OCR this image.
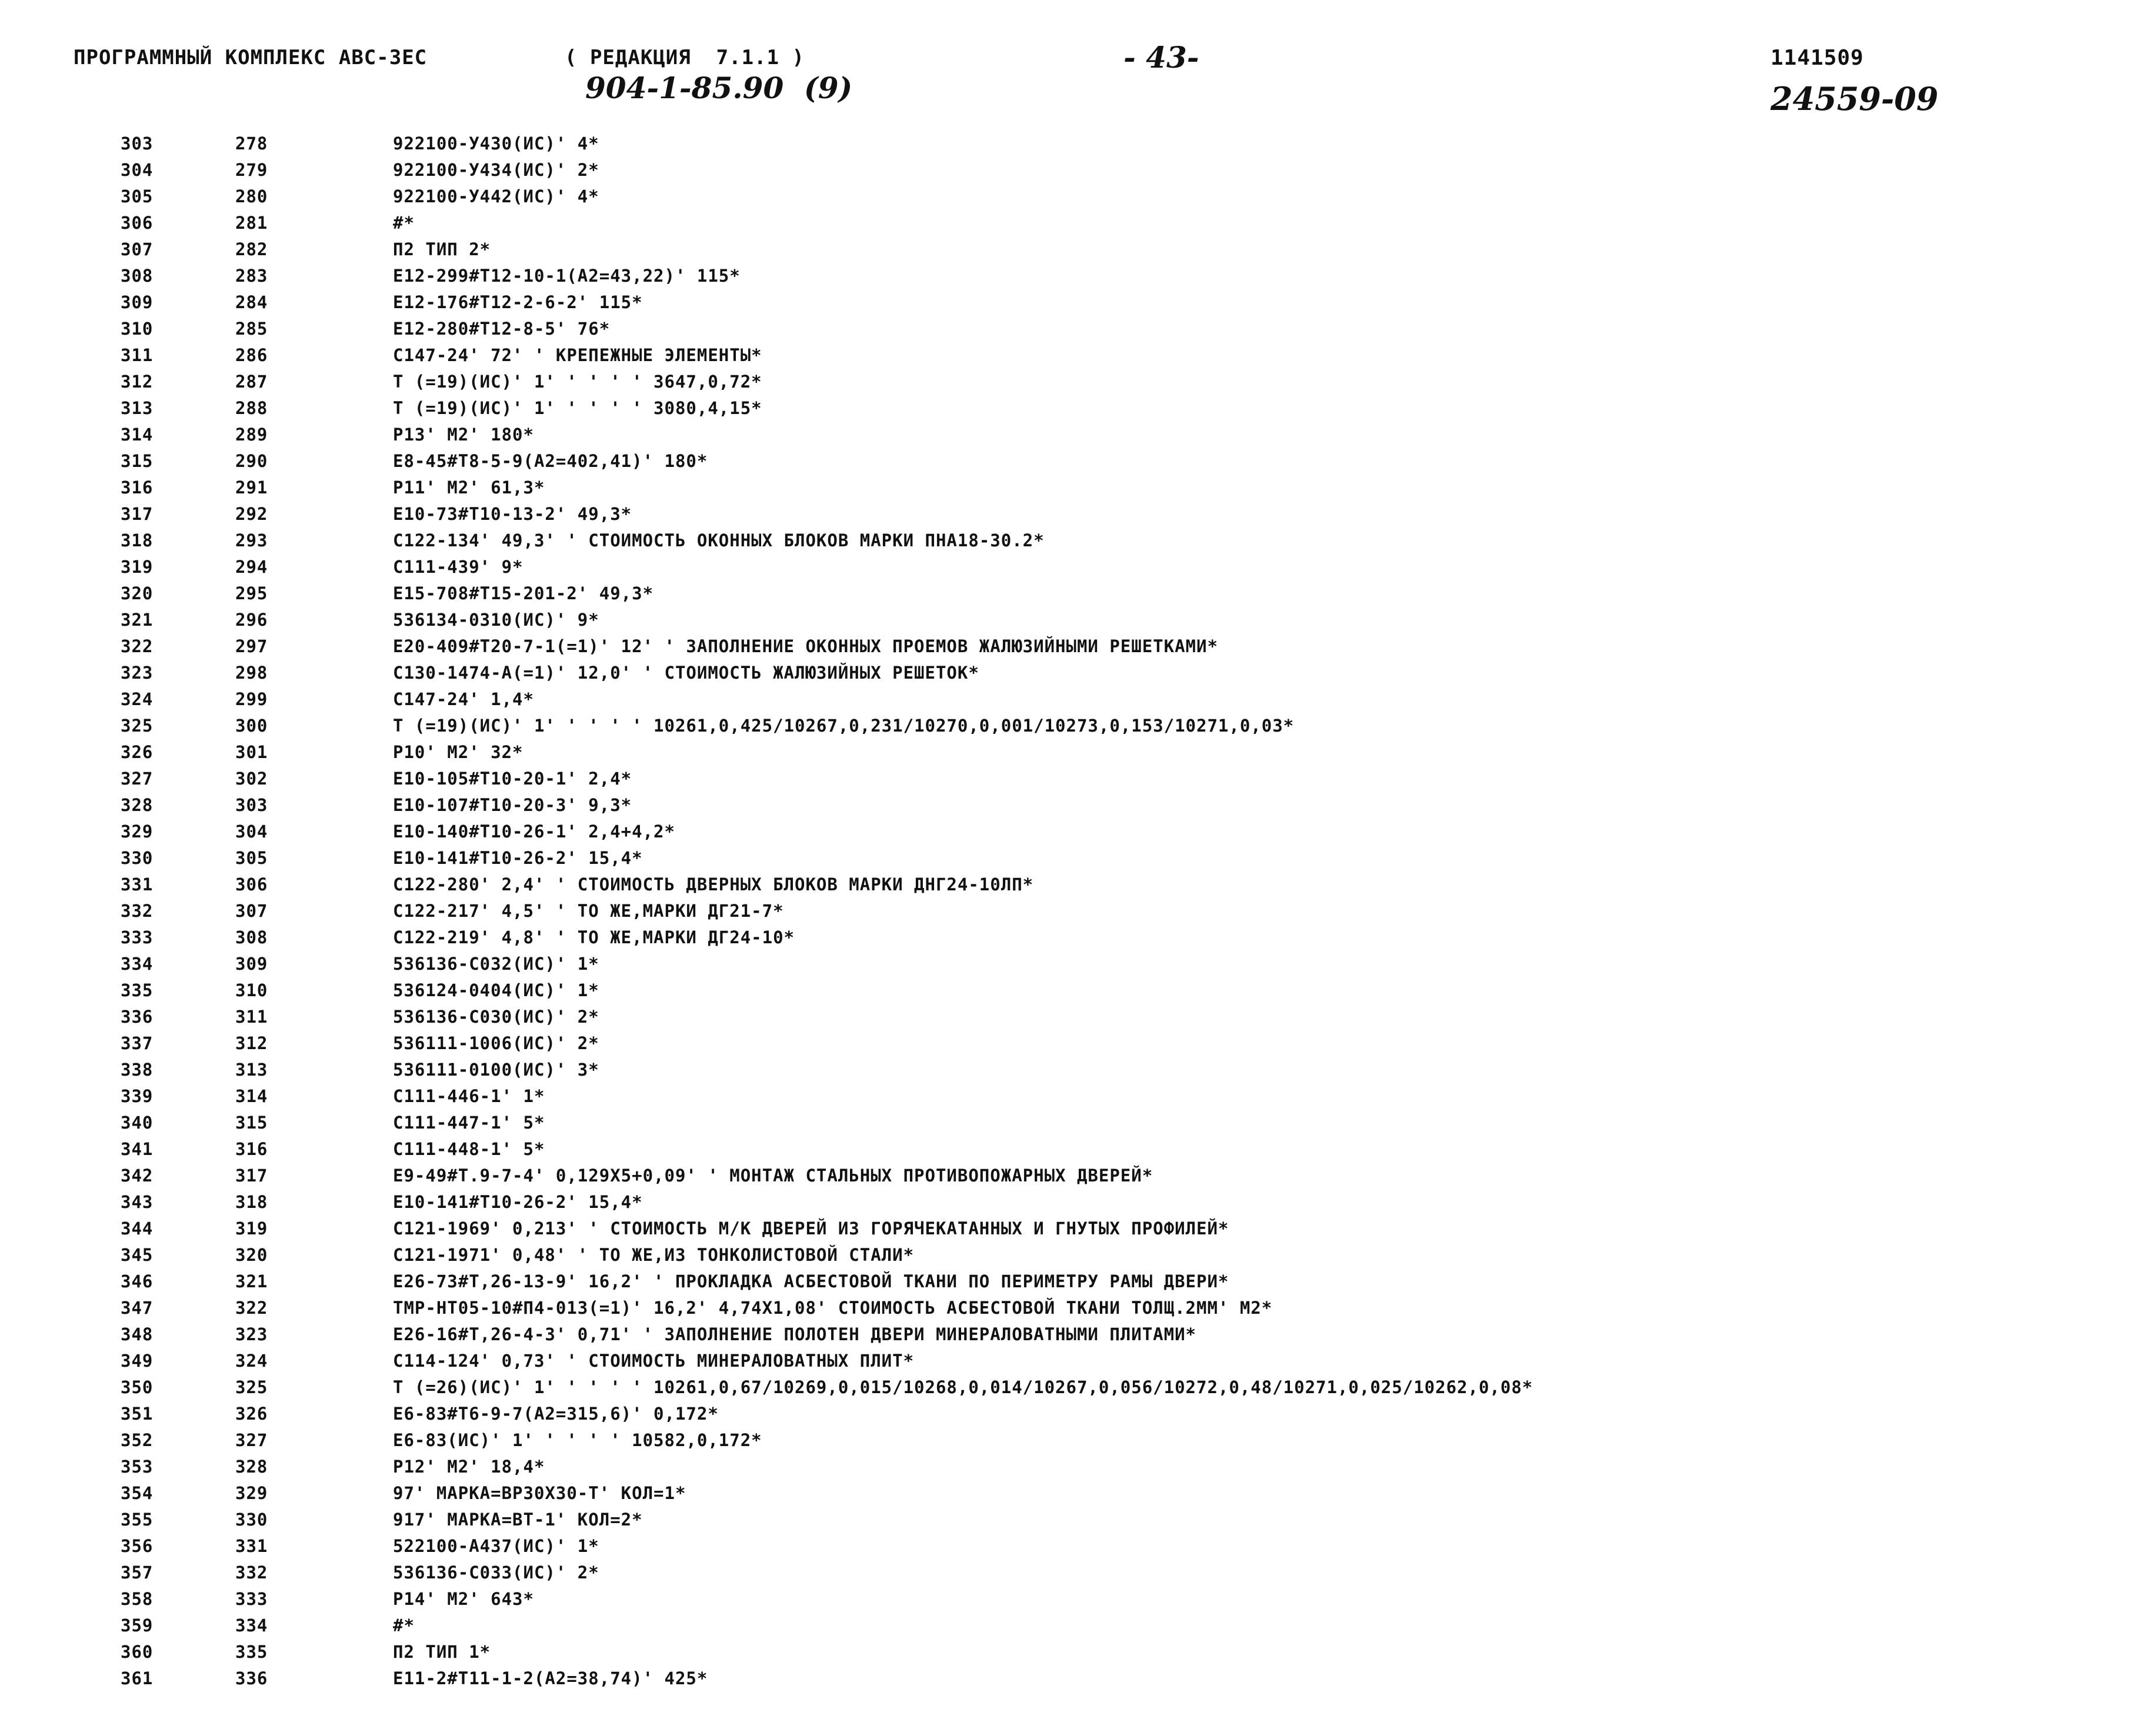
ПРОГРАММНЫЙ КОМПЛЕКС АВС-3ЕС	( РЕДАКЦИЯ  7.1.1 )
904-1-85.90  (9)
- 43-	1141509
24559-09
303	278	922100-У430(ИС)' 4*
304	279	922100-У434(ИС)' 2*
305	280	922100-У442(ИС)' 4*
306	281	#*
307	282	П2 ТИП 2*
308	283	Е12-299#Т12-10-1(А2=43,22)' 115*
309	284	Е12-176#Т12-2-6-2' 115*
310	285	Е12-280#Т12-8-5' 76*
311	286	С147-24' 72' ' КРЕПЕЖНЫЕ ЭЛЕМЕНТЫ*
312	287	Т (=19)(ИС)' 1' ' ' ' ' 3647,0,72*
313	288	Т (=19)(ИС)' 1' ' ' ' ' 3080,4,15*
314	289	Р13' М2' 180*
315	290	Е8-45#Т8-5-9(А2=402,41)' 180*
316	291	Р11' М2' 61,3*
317	292	Е10-73#Т10-13-2' 49,3*
318	293	С122-134' 49,3' ' СТОИМОСТЬ ОКОННЫХ БЛОКОВ МАРКИ ПНА18-30.2*
319	294	С111-439' 9*
320	295	Е15-708#Т15-201-2' 49,3*
321	296	536134-0310(ИС)' 9*
322	297	Е20-409#Т20-7-1(=1)' 12' ' ЗАПОЛНЕНИЕ ОКОННЫХ ПРОЕМОВ ЖАЛЮЗИЙНЫМИ РЕШЕТКАМИ*
323	298	С130-1474-А(=1)' 12,0' ' СТОИМОСТЬ ЖАЛЮЗИЙНЫХ РЕШЕТОК*
324	299	С147-24' 1,4*
325	300	Т (=19)(ИС)' 1' ' ' ' ' 10261,0,425/10267,0,231/10270,0,001/10273,0,153/10271,0,03*
326	301	Р10' М2' 32*
327	302	Е10-105#Т10-20-1' 2,4*
328	303	Е10-107#Т10-20-3' 9,3*
329	304	Е10-140#Т10-26-1' 2,4+4,2*
330	305	Е10-141#Т10-26-2' 15,4*
331	306	С122-280' 2,4' ' СТОИМОСТЬ ДВЕРНЫХ БЛОКОВ МАРКИ ДНГ24-10ЛП*
332	307	С122-217' 4,5' ' ТО ЖЕ,МАРКИ ДГ21-7*
333	308	С122-219' 4,8' ' ТО ЖЕ,МАРКИ ДГ24-10*
334	309	536136-С032(ИС)' 1*
335	310	536124-0404(ИС)' 1*
336	311	536136-С030(ИС)' 2*
337	312	536111-1006(ИС)' 2*
338	313	536111-0100(ИС)' 3*
339	314	С111-446-1' 1*
340	315	С111-447-1' 5*
341	316	С111-448-1' 5*
342	317	Е9-49#Т.9-7-4' 0,129Х5+0,09' ' МОНТАЖ СТАЛЬНЫХ ПРОТИВОПОЖАРНЫХ ДВЕРЕЙ*
343	318	Е10-141#Т10-26-2' 15,4*
344	319	С121-1969' 0,213' ' СТОИМОСТЬ М/К ДВЕРЕЙ ИЗ ГОРЯЧЕКАТАННЫХ И ГНУТЫХ ПРОФИЛЕЙ*
345	320	С121-1971' 0,48' ' ТО ЖЕ,ИЗ ТОНКОЛИСТОВОЙ СТАЛИ*
346	321	Е26-73#Т,26-13-9' 16,2' ' ПРОКЛАДКА АСБЕСТОВОЙ ТКАНИ ПО ПЕРИМЕТРУ РАМЫ ДВЕРИ*
347	322	ТМР-НТ05-10#П4-013(=1)' 16,2' 4,74Х1,08' СТОИМОСТЬ АСБЕСТОВОЙ ТКАНИ ТОЛЩ.2ММ' М2*
348	323	Е26-16#Т,26-4-3' 0,71' ' ЗАПОЛНЕНИЕ ПОЛОТЕН ДВЕРИ МИНЕРАЛОВАТНЫМИ ПЛИТАМИ*
349	324	С114-124' 0,73' ' СТОИМОСТЬ МИНЕРАЛОВАТНЫХ ПЛИТ*
350	325	Т (=26)(ИС)' 1' ' ' ' ' 10261,0,67/10269,0,015/10268,0,014/10267,0,056/10272,0,48/10271,0,025/10262,0,08*
351	326	Е6-83#Т6-9-7(А2=315,6)' 0,172*
352	327	Е6-83(ИС)' 1' ' ' ' ' 10582,0,172*
353	328	Р12' М2' 18,4*
354	329	97' МАРКА=ВР30Х30-Т' КОЛ=1*
355	330	917' МАРКА=ВТ-1' КОЛ=2*
356	331	522100-А437(ИС)' 1*
357	332	536136-С033(ИС)' 2*
358	333	Р14' М2' 643*
359	334	#*
360	335	П2 ТИП 1*
361	336	Е11-2#Т11-1-2(А2=38,74)' 425*
